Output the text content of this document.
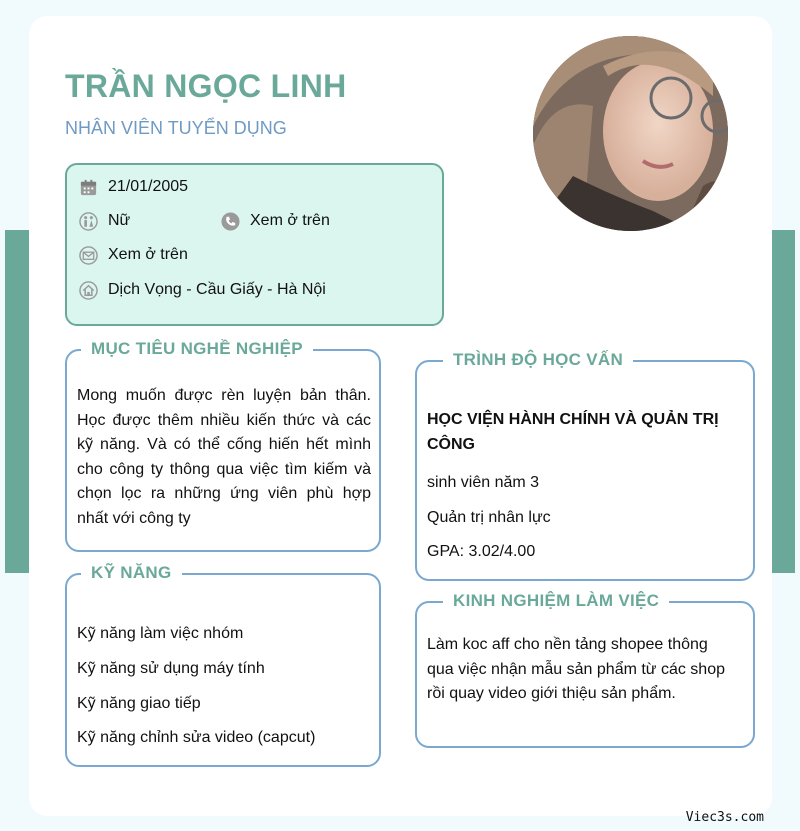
TRẦN NGỌC LINH
NHÂN VIÊN TUYỂN DỤNG
21/01/2005
Nữ	Xem ở trên
Xem ở trên
Dịch Vọng - Cầu Giấy - Hà Nội
MỤC TIÊU NGHỀ NGHIỆP
Mong muốn được rèn luyện bản thân. Học được thêm nhiều kiến thức và các kỹ năng. Và có thể cống hiến hết mình cho công ty thông qua việc tìm kiếm và chọn lọc ra những ứng viên phù hợp nhất với công ty
KỸ NĂNG
Kỹ năng làm việc nhóm
Kỹ năng sử dụng máy tính
Kỹ năng giao tiếp
Kỹ năng chỉnh sửa video (capcut)
TRÌNH ĐỘ HỌC VẤN
HỌC VIỆN HÀNH CHÍNH VÀ QUẢN TRỊ CÔNG
sinh viên năm 3
Quản trị nhân lực
GPA: 3.02/4.00
KINH NGHIỆM LÀM VIỆC
Làm koc aff cho nền tảng shopee thông qua việc nhận mẫu sản phẩm từ các shop rồi quay video giới thiệu sản phẩm.
Viec3s.com
